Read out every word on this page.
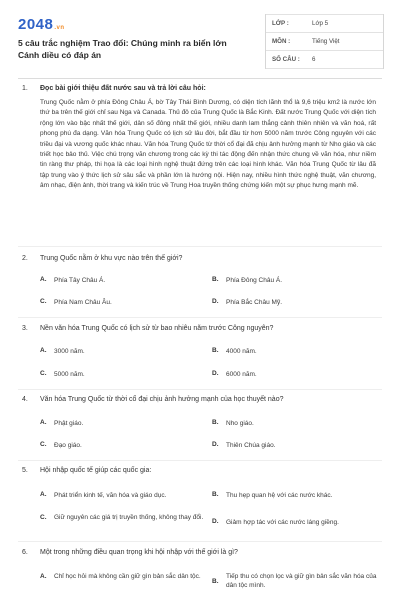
2048.vn
5 câu trắc nghiệm Trao đổi: Chúng minh ra biển lớn Cánh diều có đáp án
LỚP :	Lớp 5
MÔN :	Tiếng Việt
SỐ CÂU :	6
1. Đọc bài giới thiệu đất nước sau và trả lời câu hỏi:
Trung Quốc nằm ở phía Đông Châu Á, bờ Tây Thái Bình Dương, có diện tích lãnh thổ là 9,6 triệu km2 là nước lớn thứ ba trên thế giới chỉ sau Nga và Canada. Thủ đô của Trung Quốc là Bắc Kinh. Đất nước Trung Quốc với diện tích rộng lớn vào bậc nhất thế giới, dân số đông nhất thế giới, nhiều danh lam thắng cảnh thiên nhiên và văn hoá, rất phong phú đa dạng. Văn hóa Trung Quốc có lịch sử lâu đời, bắt đầu từ hơn 5000 năm trước Công nguyên với các triều đại và vương quốc khác nhau. Văn hóa Trung Quốc từ thời cổ đại đã chịu ảnh hưởng mạnh từ Nho giáo và các triết học bảo thủ. Việc chú trọng văn chương trong các kỳ thi tác động đến nhận thức chung về văn hóa, như niềm tin ràng thư pháp, thi họa là các loại hình nghệ thuật đứng trên các loại hình khác. Văn hóa Trung Quốc từ lâu đã tập trung vào ý thức lịch sử sâu sắc và phần lớn là hướng nội. Hiện nay, nhiều hình thức nghệ thuật, văn chương, âm nhạc, điện ảnh, thời trang và kiến trúc về Trung Hoa truyền thống chứng kiến một sự phục hưng mạnh mẽ.
2. Trung Quốc nằm ở khu vực nào trên thế giới?
A.	Phía Tây Châu Á.	B.	Phía Đông Châu Á.
C.	Phía Nam Châu Âu.	D.	Phía Bắc Châu Mỹ.
3. Nền văn hóa Trung Quốc có lịch sử từ bao nhiêu năm trước Công nguyên?
A.	3000 năm.	B.	4000 năm.
C.	5000 năm.	D.	6000 năm.
4. Văn hóa Trung Quốc từ thời cổ đại chịu ảnh hưởng mạnh của học thuyết nào?
A.	Phật giáo.	B.	Nho giáo.
C.	Đạo giáo.	D.	Thiên Chúa giáo.
5. Hội nhập quốc tế giúp các quốc gia:
A.	Phát triển kinh tế, văn hóa và giáo dục.	B.	Thu hẹp quan hệ với các nước khác.
C.	Giữ nguyên các giá trị truyền thống, không thay đổi.
D.	Giảm hợp tác với các nước láng giềng.
6. Một trong những điều quan trọng khi hội nhập với thế giới là gì?
A.	Chỉ học hỏi mà không cần giữ gìn bản sắc dân tộc.
B.
Tiếp thu có chọn lọc và giữ gìn bản sắc văn hóa của dân tộc mình.
